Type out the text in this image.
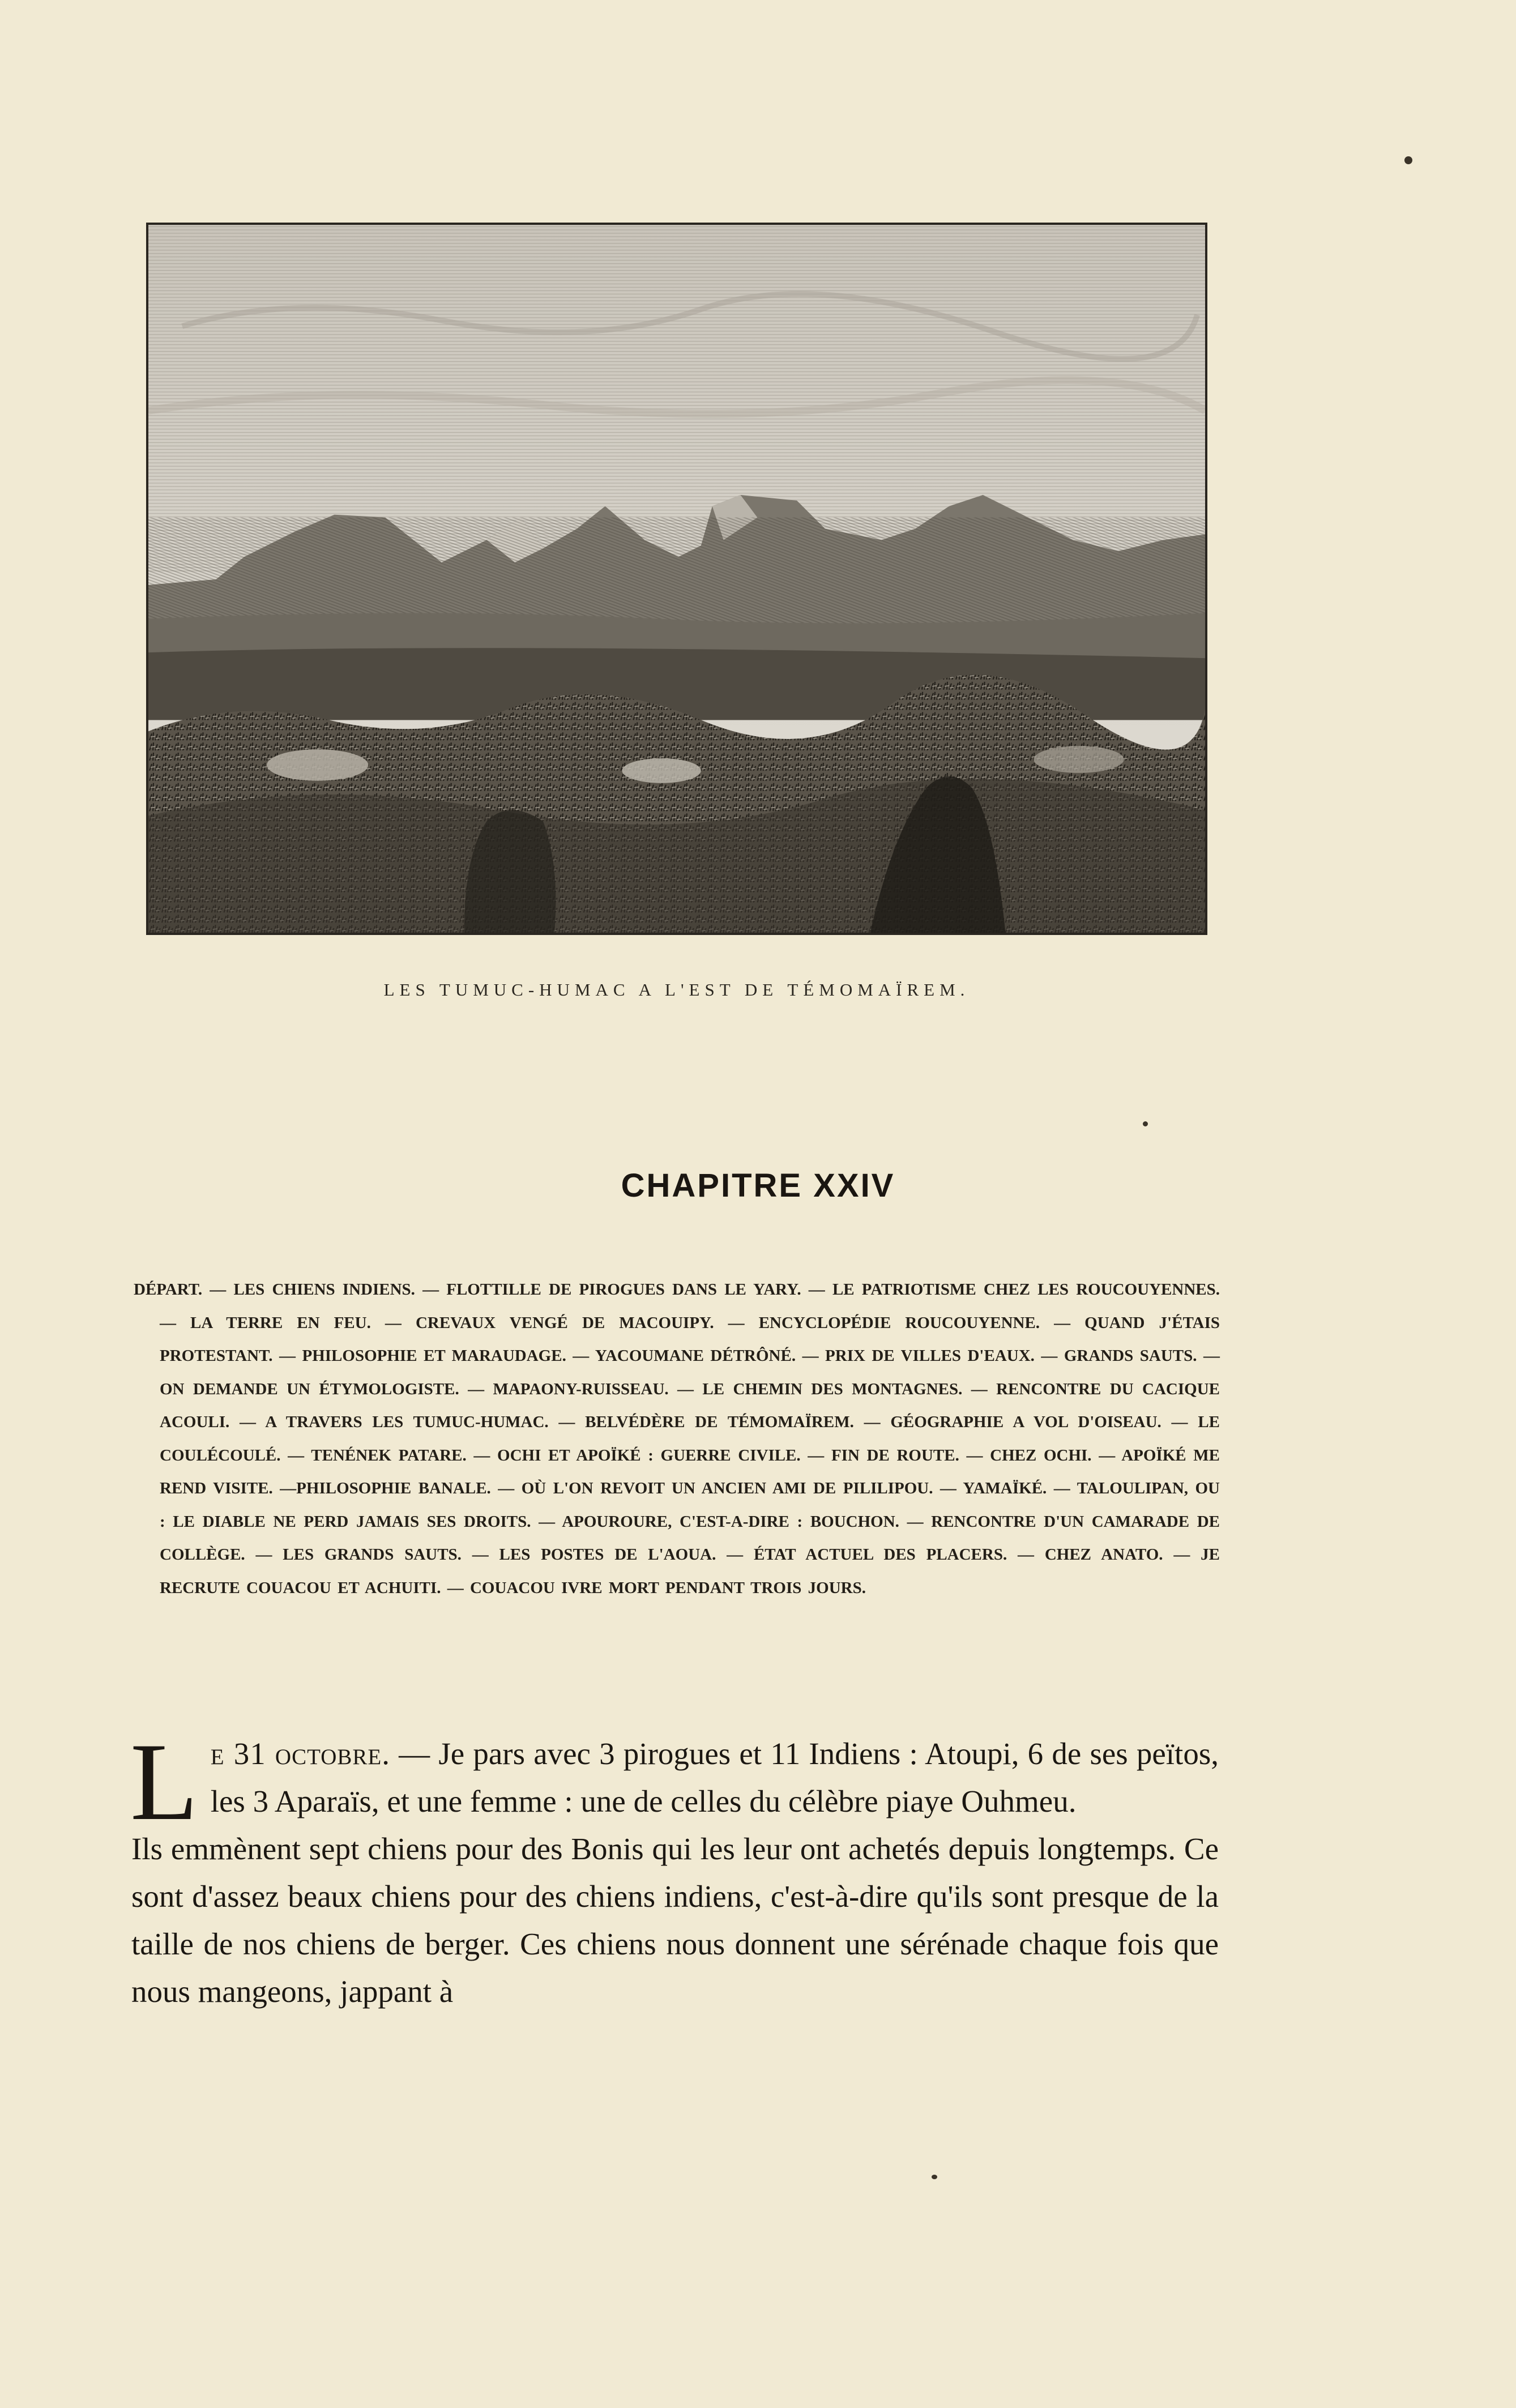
LES TUMUC-HUMAC A L'EST DE TÉMOMAÏREM.
CHAPITRE XXIV
DÉPART. — LES CHIENS INDIENS. — FLOTTILLE DE PIROGUES DANS LE YARY. — LE PATRIOTISME CHEZ LES ROUCOUYENNES. — LA TERRE EN FEU. — CREVAUX VENGÉ DE MACOUIPY. — ENCYCLOPÉDIE ROUCOUYENNE. — QUAND J'ÉTAIS PROTESTANT. — PHILOSOPHIE ET MARAUDAGE. — YACOUMANE DÉTRÔNÉ. — PRIX DE VILLES D'EAUX. — GRANDS SAUTS. — ON DEMANDE UN ÉTYMOLOGISTE. — MAPAONY-RUISSEAU. — LE CHEMIN DES MONTAGNES. — RENCONTRE DU CACIQUE ACOULI. — A TRAVERS LES TUMUC-HUMAC. — BELVÉDÈRE DE TÉMOMAÏREM. — GÉOGRAPHIE A VOL D'OISEAU. — LE COULÉCOULÉ. — TENÉNEK PATARE. — OCHI ET APOÏKÉ : GUERRE CIVILE. — FIN DE ROUTE. — CHEZ OCHI. — APOÏKÉ ME REND VISITE. —PHILOSOPHIE BANALE. — OÙ L'ON REVOIT UN ANCIEN AMI DE PILILIPOU. — YAMAÏKÉ. — TALOULIPAN, OU : LE DIABLE NE PERD JAMAIS SES DROITS. — APOUROURE, C'EST-A-DIRE : BOUCHON. — RENCONTRE D'UN CAMARADE DE COLLÈGE. — LES GRANDS SAUTS. — LES POSTES DE L'AOUA. — ÉTAT ACTUEL DES PLACERS. — CHEZ ANATO. — JE RECRUTE COUACOU ET ACHUITI. — COUACOU IVRE MORT PENDANT TROIS JOURS.

Le 31 octobre. — Je pars avec 3 pirogues et 11 Indiens : Atoupi, 6 de ses peïtos, les 3 Aparaïs, et une femme : une de celles du célèbre piaye Ouhmeu.

Ils emmènent sept chiens pour des Bonis qui les leur ont achetés depuis longtemps. Ce sont d'assez beaux chiens pour des chiens indiens, c'est-à-dire qu'ils sont presque de la taille de nos chiens de berger. Ces chiens nous donnent une sérénade chaque fois que nous mangeons, jappant à
